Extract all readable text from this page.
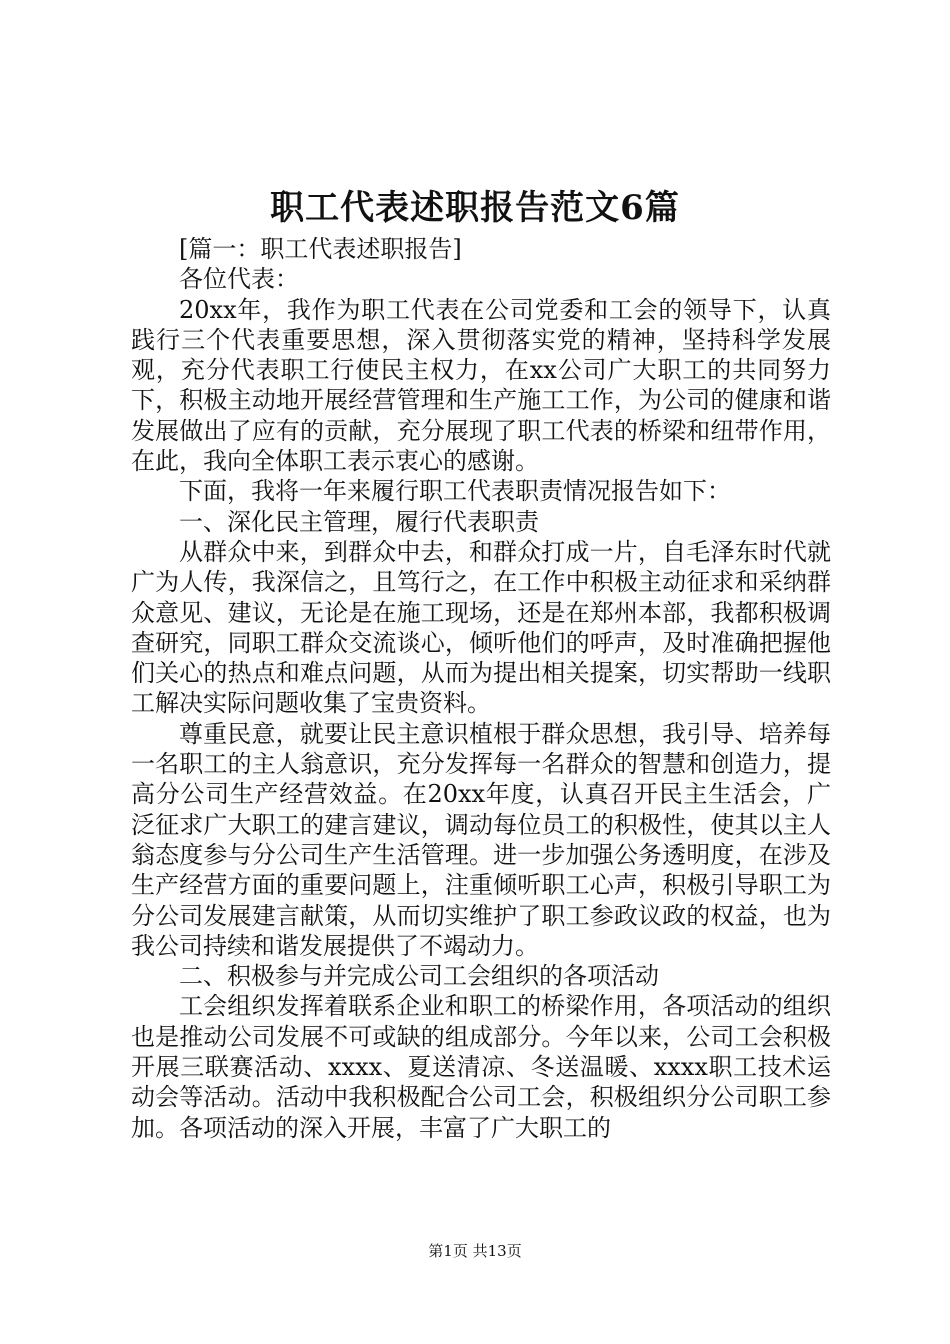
职工代表述职报告范文6篇

[篇一：职工代表述职报告]

各位代表：

20xx年，我作为职工代表在公司党委和工会的领导下，认真践行三个代表重要思想，深入贯彻落实党的精神，坚持科学发展观，充分代表职工行使民主权力，在xx公司广大职工的共同努力下，积极主动地开展经营管理和生产施工工作，为公司的健康和谐发展做出了应有的贡献，充分展现了职工代表的桥梁和纽带作用，在此，我向全体职工表示衷心的感谢。

下面，我将一年来履行职工代表职责情况报告如下：

一、深化民主管理，履行代表职责

从群众中来，到群众中去，和群众打成一片，自毛泽东时代就广为人传，我深信之，且笃行之，在工作中积极主动征求和采纳群众意见、建议，无论是在施工现场，还是在郑州本部，我都积极调查研究，同职工群众交流谈心，倾听他们的呼声，及时准确把握他们关心的热点和难点问题，从而为提出相关提案，切实帮助一线职工解决实际问题收集了宝贵资料。

尊重民意，就要让民主意识植根于群众思想，我引导、培养每一名职工的主人翁意识，充分发挥每一名群众的智慧和创造力，提高分公司生产经营效益。在20xx年度，认真召开民主生活会，广泛征求广大职工的建言建议，调动每位员工的积极性，使其以主人翁态度参与分公司生产生活管理。进一步加强公务透明度，在涉及生产经营方面的重要问题上，注重倾听职工心声，积极引导职工为分公司发展建言献策，从而切实维护了职工参政议政的权益，也为我公司持续和谐发展提供了不竭动力。

二、积极参与并完成公司工会组织的各项活动

工会组织发挥着联系企业和职工的桥梁作用，各项活动的组织也是推动公司发展不可或缺的组成部分。今年以来，公司工会积极开展三联赛活动、xxxx、夏送清凉、冬送温暖、xxxx职工技术运动会等活动。活动中我积极配合公司工会，积极组织分公司职工参加。各项活动的深入开展，丰富了广大职工的

第1页 共13页
